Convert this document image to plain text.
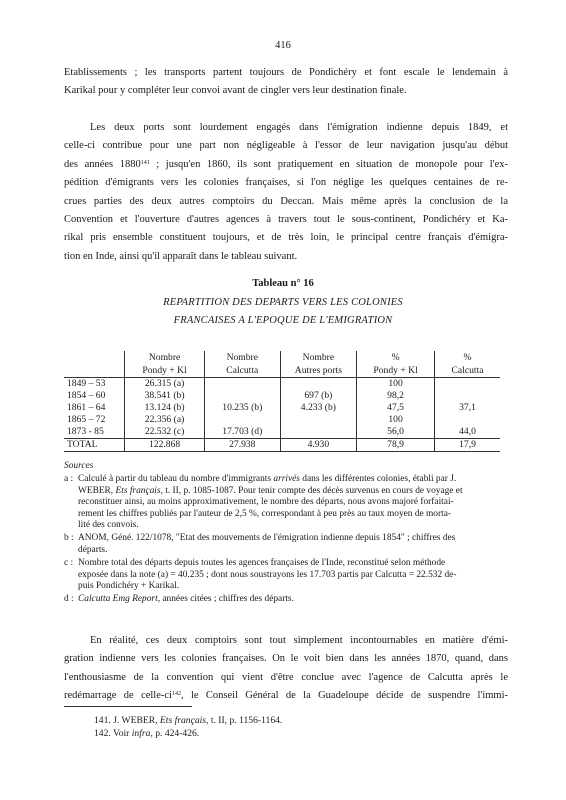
416
Etablissements ; les transports partent toujours de Pondichéry et font escale le lendemain à
Karikal pour y compléter leur convoi avant de cingler vers leur destination finale.
Les deux ports sont lourdement engagés dans l'émigration indienne depuis 1849, et
celle-ci contribue pour une part non négligeable à l'essor de leur navigation jusqu'au début
des années 1880$^{141}$ ; jusqu'en 1860, ils sont pratiquement en situation de monopole pour l'ex-
pédition d'émigrants vers les colonies françaises, si l'on néglige les quelques centaines de re-
crues parties des deux autres comptoirs du Deccan. Mais même après la conclusion de la
Convention et l'ouverture d'autres agences à travers tout le sous-continent, Pondichéry et Ka-
rikal pris ensemble constituent toujours, et de très loin, le principal centre français d'émigra-
tion en Inde, ainsi qu'il apparaît dans le tableau suivant.
Tableau n° 16
REPARTITION DES DEPARTS VERS LES COLONIES
FRANCAISES A L'EPOQUE DE L'EMIGRATION
	Nombre	Nombre	Nombre	%	%
	Pondy + Kl	Calcutta	Autres ports	Pondy + Kl	Calcutta
1849 – 53	26.315 (a)			100	
1854 – 60	38.541 (b)		697 (b)	98,2	
1861 – 64	13.124 (b)	10.235 (b)	4.233 (b)	47,5	37,1
1865 – 72	22.356 (a)			100	
1873 - 85	22.532 (c)	17.703 (d)		56,0	44,0
TOTAL	122.868	27.938	4.930	78,9	17,9
Sources
a : Calculé à partir du tableau du nombre d'immigrants arrivés dans les différentes colonies, établi par J.
WEBER, Ets français, t. II, p. 1085-1087. Pour tenir compte des décès survenus en cours de voyage et
reconstituer ainsi, au moins approximativement, le nombre des départs, nous avons majoré forfaitai-
rement les chiffres publiés par l'auteur de 2,5 %, correspondant à peu près au taux moyen de morta-
lité des convois.
b : ANOM, Géné. 122/1078, "Etat des mouvements de l'émigration indienne depuis 1854" ; chiffres des
départs.
c : Nombre total des départs depuis toutes les agences françaises de l'Inde, reconstitué selon méthode
exposée dans la note (a) = 40.235 ; dont nous soustrayons les 17.703 partis par Calcutta = 22.532 de-
puis Pondichéry + Karikal.
d : Calcutta Emg Report, années citées ; chiffres des départs.
En réalité, ces deux comptoirs sont tout simplement incontournables en matière d'émi-
gration indienne vers les colonies françaises. On le voit bien dans les années 1870, quand, dans
l'enthousiasme de la convention qui vient d'être conclue avec l'agence de Calcutta après le
redémarrage de celle-$ci^{142}$, le Conseil Général de la Guadeloupe décide de suspendre l'immi-
141. J. WEBER, Ets français, t. II, p. 1156-1164.
142. Voir infra, p. 424-426.
